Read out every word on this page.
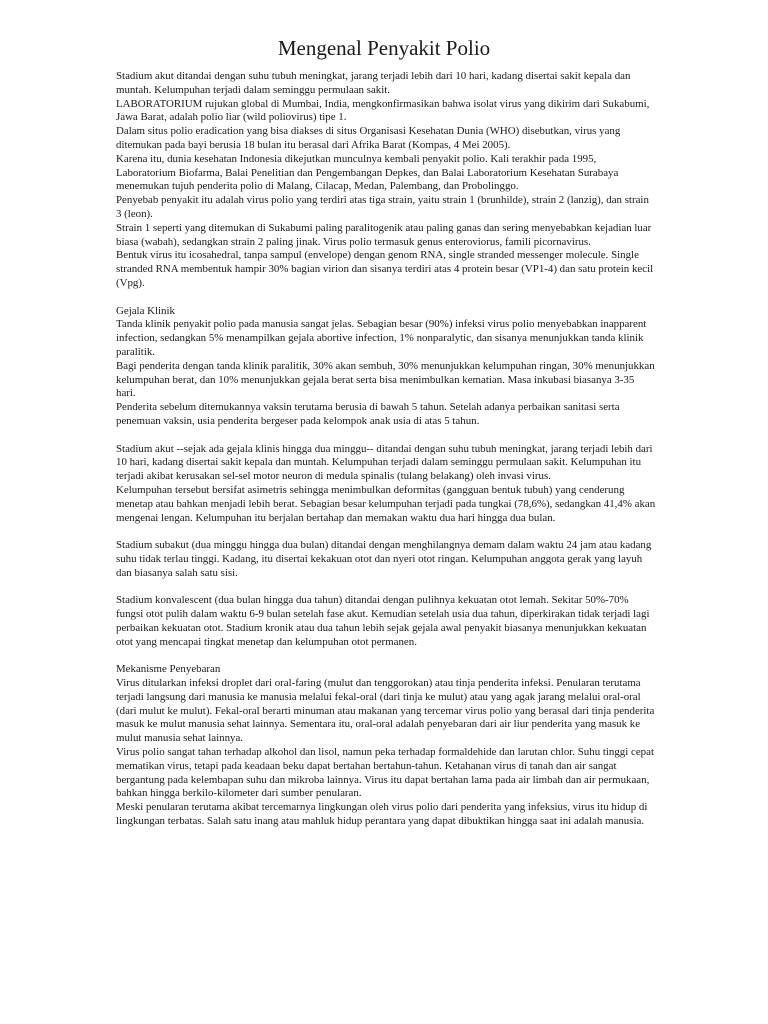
Mengenal Penyakit Polio

Stadium akut ditandai dengan suhu tubuh meningkat, jarang terjadi lebih dari 10 hari, kadang disertai sakit kepala dan muntah. Kelumpuhan terjadi dalam seminggu permulaan sakit.

LABORATORIUM rujukan global di Mumbai, India, mengkonfirmasikan bahwa isolat virus yang dikirim dari Sukabumi, Jawa Barat, adalah polio liar (wild poliovirus) tipe 1.

Dalam situs polio eradication yang bisa diakses di situs Organisasi Kesehatan Dunia (WHO) disebutkan, virus yang ditemukan pada bayi berusia 18 bulan itu berasal dari Afrika Barat (Kompas, 4 Mei 2005).

Karena itu, dunia kesehatan Indonesia dikejutkan munculnya kembali penyakit polio. Kali terakhir pada 1995, Laboratorium Biofarma, Balai Penelitian dan Pengembangan Depkes, dan Balai Laboratorium Kesehatan Surabaya menemukan tujuh penderita polio di Malang, Cilacap, Medan, Palembang, dan Probolinggo.

Penyebab penyakit itu adalah virus polio yang terdiri atas tiga strain, yaitu strain 1 (brunhilde), strain 2 (lanzig), dan strain 3 (leon).

Strain 1 seperti yang ditemukan di Sukabumi paling paralitogenik atau paling ganas dan sering menyebabkan kejadian luar biasa (wabah), sedangkan strain 2 paling jinak. Virus polio termasuk genus enteroviorus, famili picornavirus.

Bentuk virus itu icosahedral, tanpa sampul (envelope) dengan genom RNA, single stranded messenger molecule. Single stranded RNA membentuk hampir 30% bagian virion dan sisanya terdiri atas 4 protein besar (VP1-4) dan satu protein kecil (Vpg).

Gejala Klinik

Tanda klinik penyakit polio pada manusia sangat jelas. Sebagian besar (90%) infeksi virus polio menyebabkan inapparent infection, sedangkan 5% menampilkan gejala abortive infection, 1% nonparalytic, dan sisanya menunjukkan tanda klinik paralitik.

Bagi penderita dengan tanda klinik paralitik, 30% akan sembuh, 30% menunjukkan kelumpuhan ringan, 30% menunjukkan kelumpuhan berat, dan 10% menunjukkan gejala berat serta bisa menimbulkan kematian. Masa inkubasi biasanya 3-35 hari.

Penderita sebelum ditemukannya vaksin terutama berusia di bawah 5 tahun. Setelah adanya perbaikan sanitasi serta penemuan vaksin, usia penderita bergeser pada kelompok anak usia di atas 5 tahun.

Stadium akut --sejak ada gejala klinis hingga dua minggu-- ditandai dengan suhu tubuh meningkat, jarang terjadi lebih dari 10 hari, kadang disertai sakit kepala dan muntah. Kelumpuhan terjadi dalam seminggu permulaan sakit. Kelumpuhan itu terjadi akibat kerusakan sel-sel motor neuron di medula spinalis (tulang belakang) oleh invasi virus.

Kelumpuhan tersebut bersifat asimetris sehingga menimbulkan deformitas (gangguan bentuk tubuh) yang cenderung menetap atau bahkan menjadi lebih berat. Sebagian besar kelumpuhan terjadi pada tungkai (78,6%), sedangkan 41,4% akan mengenai lengan. Kelumpuhan itu berjalan bertahap dan memakan waktu dua hari hingga dua bulan.

Stadium subakut (dua minggu hingga dua bulan) ditandai dengan menghilangnya demam dalam waktu 24 jam atau kadang suhu tidak terlau tinggi. Kadang, itu disertai kekakuan otot dan nyeri otot ringan. Kelumpuhan anggota gerak yang layuh dan biasanya salah satu sisi.

Stadium konvalescent (dua bulan hingga dua tahun) ditandai dengan pulihnya kekuatan otot lemah. Sekitar 50%-70% fungsi otot pulih dalam waktu 6-9 bulan setelah fase akut. Kemudian setelah usia dua tahun, diperkirakan tidak terjadi lagi perbaikan kekuatan otot. Stadium kronik atau dua tahun lebih sejak gejala awal penyakit biasanya menunjukkan kekuatan otot yang mencapai tingkat menetap dan kelumpuhan otot permanen.

Mekanisme Penyebaran

Virus ditularkan infeksi droplet dari oral-faring (mulut dan tenggorokan) atau tinja penderita infeksi. Penularan terutama terjadi langsung dari manusia ke manusia melalui fekal-oral (dari tinja ke mulut) atau yang agak jarang melalui oral-oral (dari mulut ke mulut). Fekal-oral berarti minuman atau makanan yang tercemar virus polio yang berasal dari tinja penderita masuk ke mulut manusia sehat lainnya. Sementara itu, oral-oral adalah penyebaran dari air liur penderita yang masuk ke mulut manusia sehat lainnya.

Virus polio sangat tahan terhadap alkohol dan lisol, namun peka terhadap formaldehide dan larutan chlor. Suhu tinggi cepat mematikan virus, tetapi pada keadaan beku dapat bertahan bertahun-tahun. Ketahanan virus di tanah dan air sangat bergantung pada kelembapan suhu dan mikroba lainnya. Virus itu dapat bertahan lama pada air limbah dan air permukaan, bahkan hingga berkilo-kilometer dari sumber penularan.

Meski penularan terutama akibat tercemarnya lingkungan oleh virus polio dari penderita yang infeksius, virus itu hidup di lingkungan terbatas. Salah satu inang atau mahluk hidup perantara yang dapat dibuktikan hingga saat ini adalah manusia.
